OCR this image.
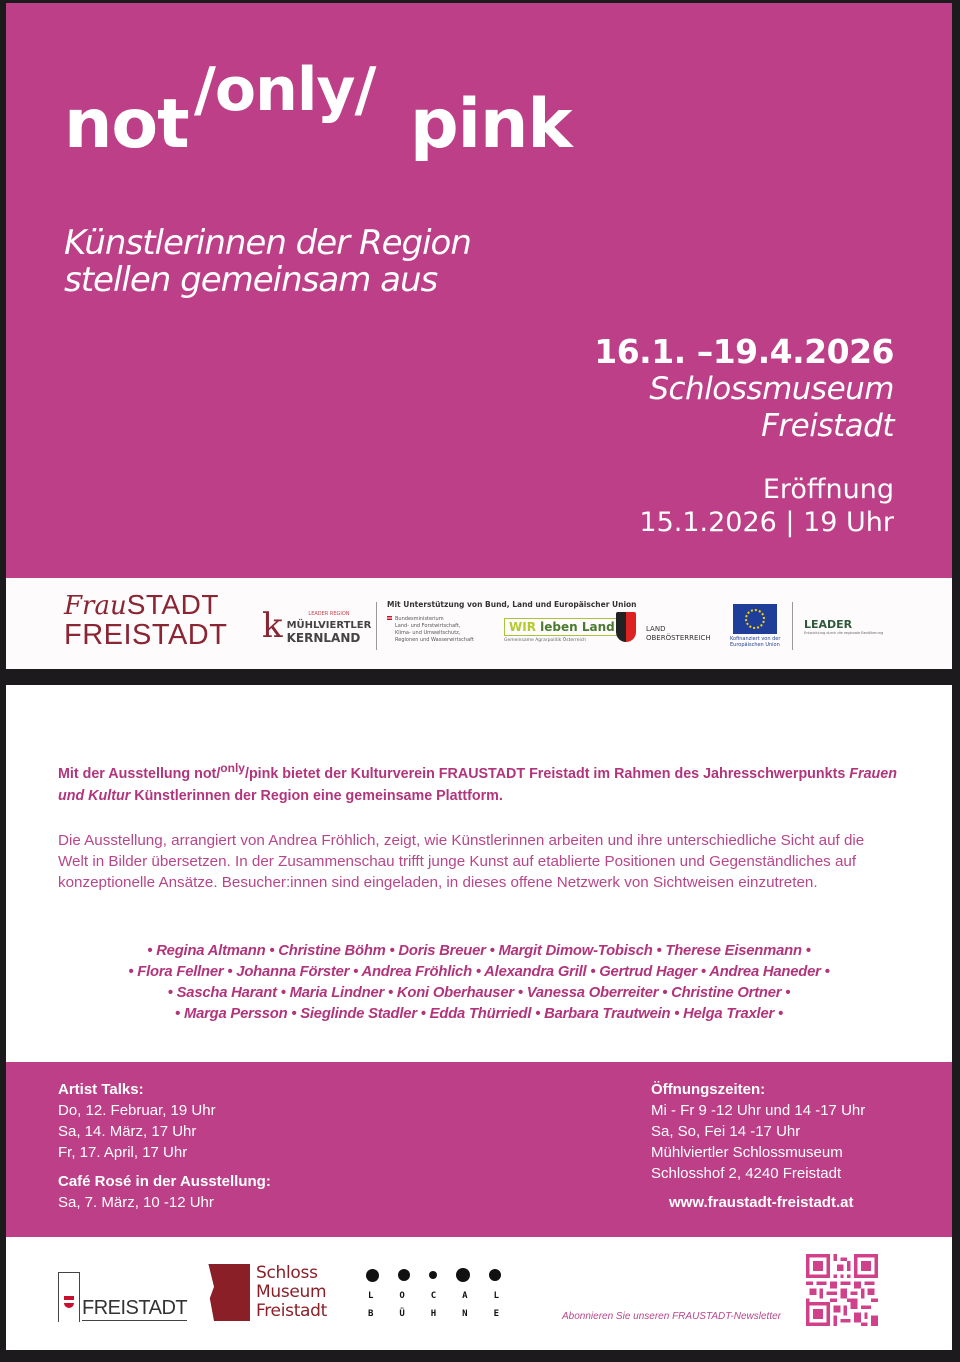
not /only/ pink
Künstlerinnen der Region
stellen gemeinsam aus
16.1. –19.4.2026
Schlossmuseum
Freistadt
Eröffnung
15.1.2026 | 19 Uhr
FrauSTADT
FREISTADT k	LEADER REGION
MÜHLVIERTLER
KERNLAND
Mit Unterstützung von Bund, Land und Europäischer Union
Bundesministerium
Land- und Forstwirtschaft,
Klima- und Umweltschutz,
Regionen und Wasserwirtschaft
WIR leben Land
Gemeinsame Agrarpolitik Österreich
LAND
OBERÖSTERREICH	Kofinanziert von der
Europäischen Union
LEADER
Entwicklung durch die regionale Bevölkerung

Mit der Ausstellung not/$^{only}$/pink bietet der Kulturverein FRAUSTADT Freistadt im Rahmen des Jahresschwerpunkts Frauen und Kultur Künstlerinnen der Region eine gemeinsame Plattform.

Die Ausstellung, arrangiert von Andrea Fröhlich, zeigt, wie Künstlerinnen arbeiten und ihre unterschiedliche Sicht auf die Welt in Bilder übersetzen. In der Zusammenschau trifft junge Kunst auf etablierte Positionen und Gegenständliches auf konzeptionelle Ansätze. Besucher:innen sind eingeladen, in dieses offene Netzwerk von Sichtweisen einzutreten.

• Regina Altmann • Christine Böhm • Doris Breuer • Margit Dimow-Tobisch • Therese Eisenmann •
• Flora Fellner • Johanna Förster • Andrea Fröhlich • Alexandra Grill • Gertrud Hager • Andrea Haneder •
• Sascha Harant • Maria Lindner • Koni Oberhauser • Vanessa Oberreiter • Christine Ortner •
• Marga Persson • Sieglinde Stadler • Edda Thürriedl • Barbara Trautwein • Helga Traxler •
Artist Talks:
Do, 12. Februar, 19 Uhr
Sa, 14. März, 17 Uhr
Fr, 17. April, 17 Uhr
Café Rosé in der Ausstellung:
Sa, 7. März, 10 -12 Uhr
Öffnungszeiten:
Mi - Fr 9 -12 Uhr und 14 -17 Uhr
Sa, So, Fei 14 -17 Uhr
Mühlviertler Schlossmuseum
Schlosshof 2, 4240 Freistadt
www.fraustadt-freistadt.at
FREISTADT
Schloss
Museum
Freistadt
L	O	C	A	L
B	Ü	H	N	E	Abonnieren Sie unseren FRAUSTADT-Newsletter
